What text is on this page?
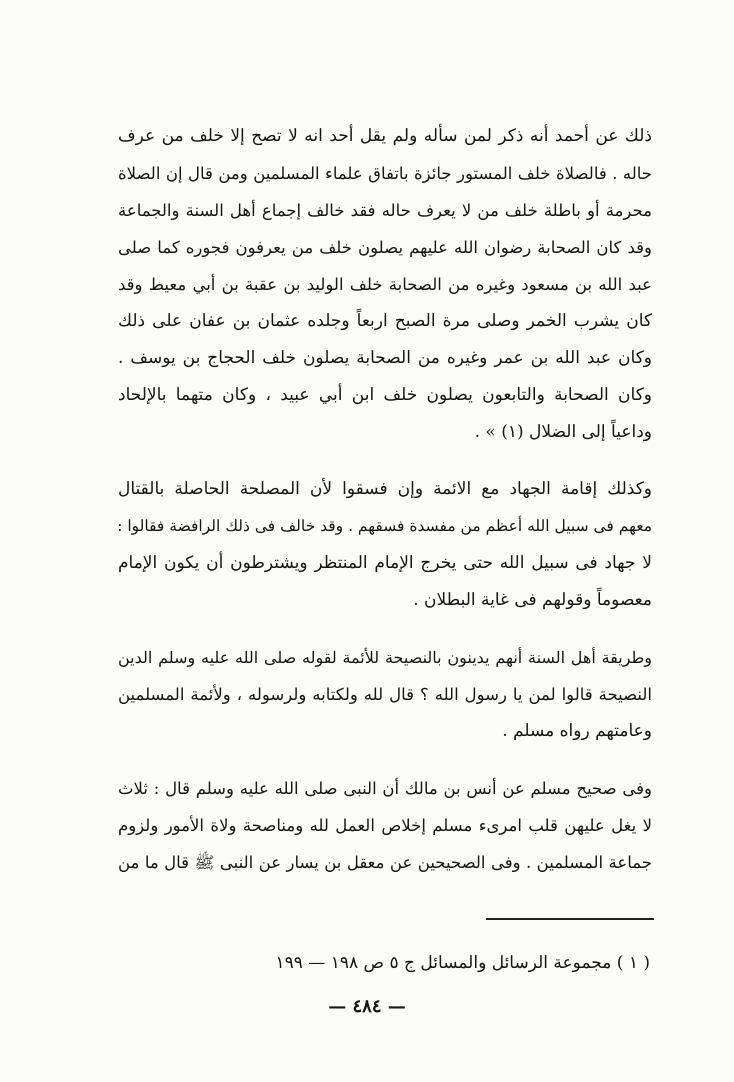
ذلك عن أحمد أنه ذكر لمن سأله ولم يقل أحد انه لا تصح إلا خلف من عرف

حاله . فالصلاة خلف المستور جائزة باتفاق علماء المسلمين ومن قال إن الصلاة

محرمة أو باطلة خلف من لا يعرف حاله فقد خالف إجماع أهل السنة والجماعة

وقد كان الصحابة رضوان الله عليهم يصلون خلف من يعرفون فجوره كما صلى

عبد الله بن مسعود وغيره من الصحابة خلف الوليد بن عقبة بن أبي معيط وقد

كان يشرب الخمر وصلى مرة الصبح اربعاً وجلده عثمان بن عفان على ذلك

وكان عبد الله بن عمر وغيره من الصحابة يصلون خلف الحجاج بن يوسف .

وكان الصحابة والتابعون يصلون خلف ابن أبي عبيد ، وكان متهما بالإلحاد

وداعياً إلى الضلال (١) » .

وكذلك إقامة الجهاد مع الائمة وإن فسقوا لأن المصلحة الحاصلة بالقتال

معهم فى سبيل الله أعظم من مفسدة فسقهم . وقد خالف فى ذلك الرافضة فقالوا :

لا جهاد فى سبيل الله حتى يخرج الإمام المنتظر ويشترطون أن يكون الإمام

معصوماً وقولهم فى غاية البطلان .

وطريقة أهل السنة أنهم يدينون بالنصيحة للأئمة لقوله صلى الله عليه وسلم الدين

النصيحة قالوا لمن يا رسول الله ؟ قال لله ولكتابه ولرسوله ، ولأئمة المسلمين

وعامتهم رواه مسلم .

وفى صحيح مسلم عن أنس بن مالك أن النبى صلى الله عليه وسلم قال : ثلاث

لا يغل عليهن قلب امرىء مسلم إخلاص العمل لله ومناصحة ولاة الأمور ولزوم

جماعة المسلمين . وفى الصحيحين عن معقل بن يسار عن النبى ﷺ قال ما من

( ١ ) مجموعة الرسائل والمسائل ج ٥ ص ١٩٨ — ١٩٩
— ٤٨٤ —
